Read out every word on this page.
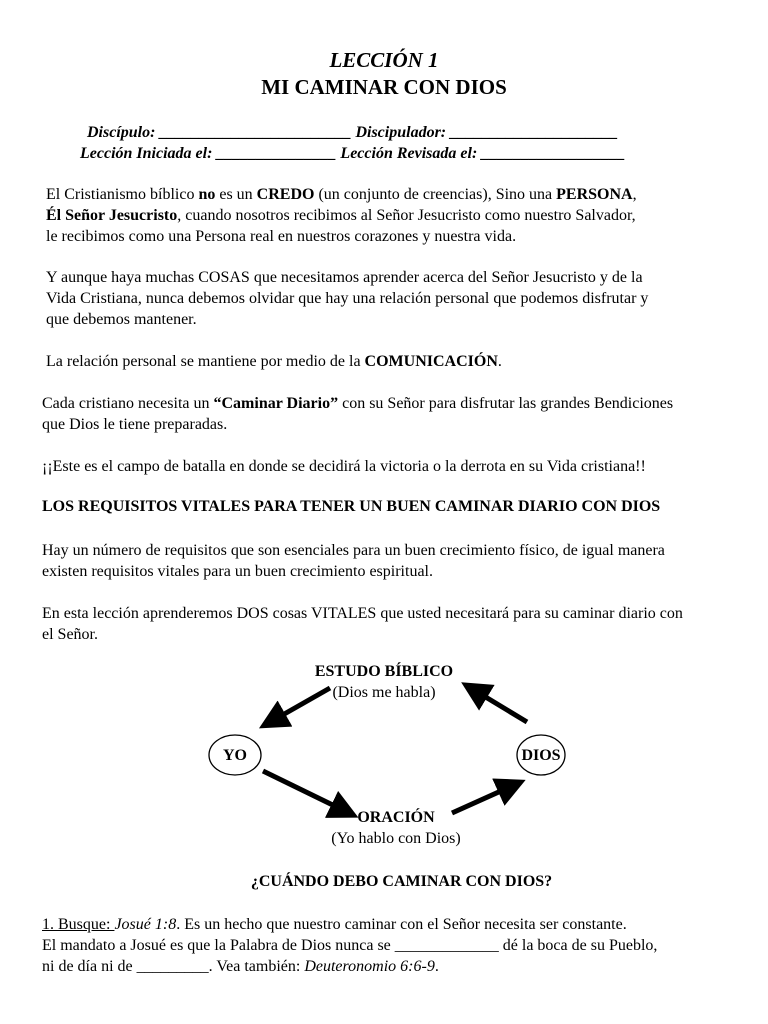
LECCIÓN 1
MI CAMINAR CON DIOS
Discípulo: ________________________ Discipulador: _____________________
Lección Iniciada el: _______________ Lección Revisada el: __________________
El Cristianismo bíblico no es un CREDO (un conjunto de creencias), Sino una PERSONA,
Él Señor Jesucristo, cuando nosotros recibimos al Señor Jesucristo como nuestro Salvador,
le recibimos como una Persona real en nuestros corazones y nuestra vida.
Y aunque haya muchas COSAS que necesitamos aprender acerca del Señor Jesucristo y de la
Vida Cristiana, nunca debemos olvidar que hay una relación personal que podemos disfrutar y
que debemos mantener.
La relación personal se mantiene por medio de la COMUNICACIÓN.
Cada cristiano necesita un “Caminar Diario” con su Señor para disfrutar las grandes Bendiciones
que Dios le tiene preparadas.
¡¡Este es el campo de batalla en donde se decidirá la victoria o la derrota en su Vida cristiana!!
LOS REQUISITOS VITALES PARA TENER UN BUEN CAMINAR DIARIO CON DIOS
Hay un número de requisitos que son esenciales para un buen crecimiento físico, de igual manera
existen requisitos vitales para un buen crecimiento espiritual.
En esta lección aprenderemos DOS cosas VITALES que usted necesitará para su caminar diario con
el Señor.
ESTUDO BÍBLICO
(Dios me habla)
YO	DIOS
ORACIÓN
(Yo hablo con Dios)
¿CUÁNDO DEBO CAMINAR CON DIOS?
1. Busque: Josué 1:8. Es un hecho que nuestro caminar con el Señor necesita ser constante.
El mandato a Josué es que la Palabra de Dios nunca se _____________ dé la boca de su Pueblo,
ni de día ni de _________. Vea también: Deuteronomio 6:6-9.
